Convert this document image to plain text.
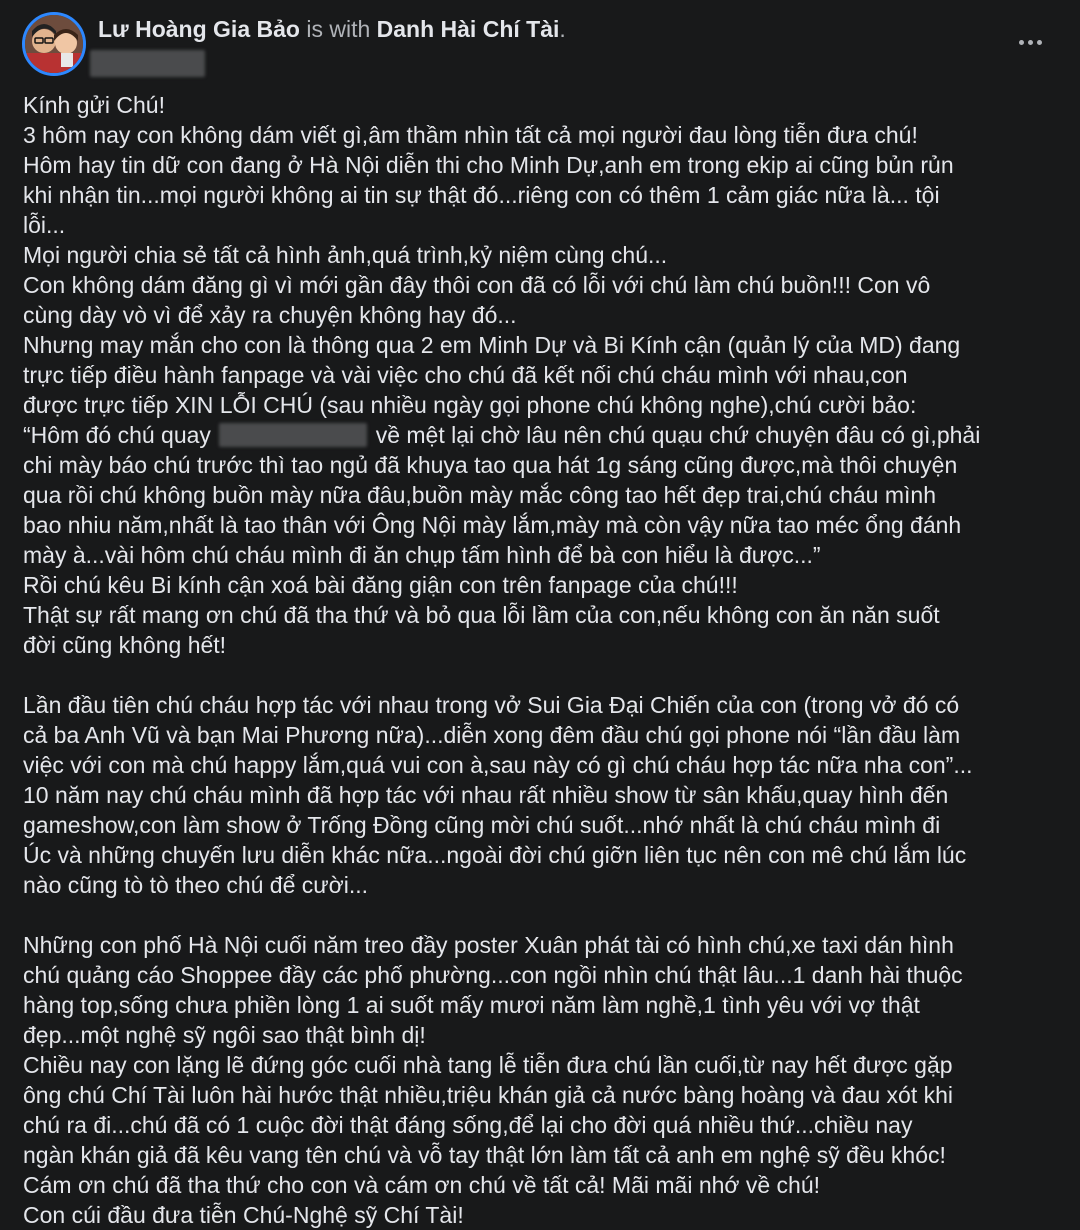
Lư Hoàng Gia Bảo is with Danh Hài Chí Tài.
Kính gửi Chú!
3 hôm nay con không dám viết gì,âm thầm nhìn tất cả mọi người đau lòng tiễn đưa chú!
Hôm hay tin dữ con đang ở Hà Nội diễn thi cho Minh Dự,anh em trong ekip ai cũng bủn rủn
khi nhận tin...mọi người không ai tin sự thật đó...riêng con có thêm 1 cảm giác nữa là... tội
lỗi...
Mọi người chia sẻ tất cả hình ảnh,quá trình,kỷ niệm cùng chú...
Con không dám đăng gì vì mới gần đây thôi con đã có lỗi với chú làm chú buồn!!! Con vô
cùng dày vò vì để xảy ra chuyện không hay đó...
Nhưng may mắn cho con là thông qua 2 em Minh Dự và Bi Kính cận (quản lý của MD) đang
trực tiếp điều hành fanpage và vài việc cho chú đã kết nối chú cháu mình với nhau,con
được trực tiếp XIN LỖI CHÚ (sau nhiều ngày gọi phone chú không nghe),chú cười bảo:
“Hôm đó chú quay	về mệt lại chờ lâu nên chú quạu chứ chuyện đâu có gì,phải
chi mày báo chú trước thì tao ngủ đã khuya tao qua hát 1g sáng cũng được,mà thôi chuyện
qua rồi chú không buồn mày nữa đâu,buồn mày mắc công tao hết đẹp trai,chú cháu mình
bao nhiu năm,nhất là tao thân với Ông Nội mày lắm,mày mà còn vậy nữa tao méc ổng đánh
mày à...vài hôm chú cháu mình đi ăn chụp tấm hình để bà con hiểu là được...”
Rồi chú kêu Bi kính cận xoá bài đăng giận con trên fanpage của chú!!!
Thật sự rất mang ơn chú đã tha thứ và bỏ qua lỗi lầm của con,nếu không con ăn năn suốt
đời cũng không hết!
Lần đầu tiên chú cháu hợp tác với nhau trong vở Sui Gia Đại Chiến của con (trong vở đó có
cả ba Anh Vũ và bạn Mai Phương nữa)...diễn xong đêm đầu chú gọi phone nói “lần đầu làm
việc với con mà chú happy lắm,quá vui con à,sau này có gì chú cháu hợp tác nữa nha con”...
10 năm nay chú cháu mình đã hợp tác với nhau rất nhiều show từ sân khấu,quay hình đến
gameshow,con làm show ở Trống Đồng cũng mời chú suốt...nhớ nhất là chú cháu mình đi
Úc và những chuyến lưu diễn khác nữa...ngoài đời chú giỡn liên tục nên con mê chú lắm lúc
nào cũng tò tò theo chú để cười...
Những con phố Hà Nội cuối năm treo đầy poster Xuân phát tài có hình chú,xe taxi dán hình
chú quảng cáo Shoppee đầy các phố phường...con ngồi nhìn chú thật lâu...1 danh hài thuộc
hàng top,sống chưa phiền lòng 1 ai suốt mấy mươi năm làm nghề,1 tình yêu với vợ thật
đẹp...một nghệ sỹ ngôi sao thật bình dị!
Chiều nay con lặng lẽ đứng góc cuối nhà tang lễ tiễn đưa chú lần cuối,từ nay hết được gặp
ông chú Chí Tài luôn hài hước thật nhiều,triệu khán giả cả nước bàng hoàng và đau xót khi
chú ra đi...chú đã có 1 cuộc đời thật đáng sống,để lại cho đời quá nhiều thứ...chiều nay
ngàn khán giả đã kêu vang tên chú và vỗ tay thật lớn làm tất cả anh em nghệ sỹ đều khóc!
Cám ơn chú đã tha thứ cho con và cám ơn chú về tất cả! Mãi mãi nhớ về chú!
Con cúi đầu đưa tiễn Chú-Nghệ sỹ Chí Tài!
